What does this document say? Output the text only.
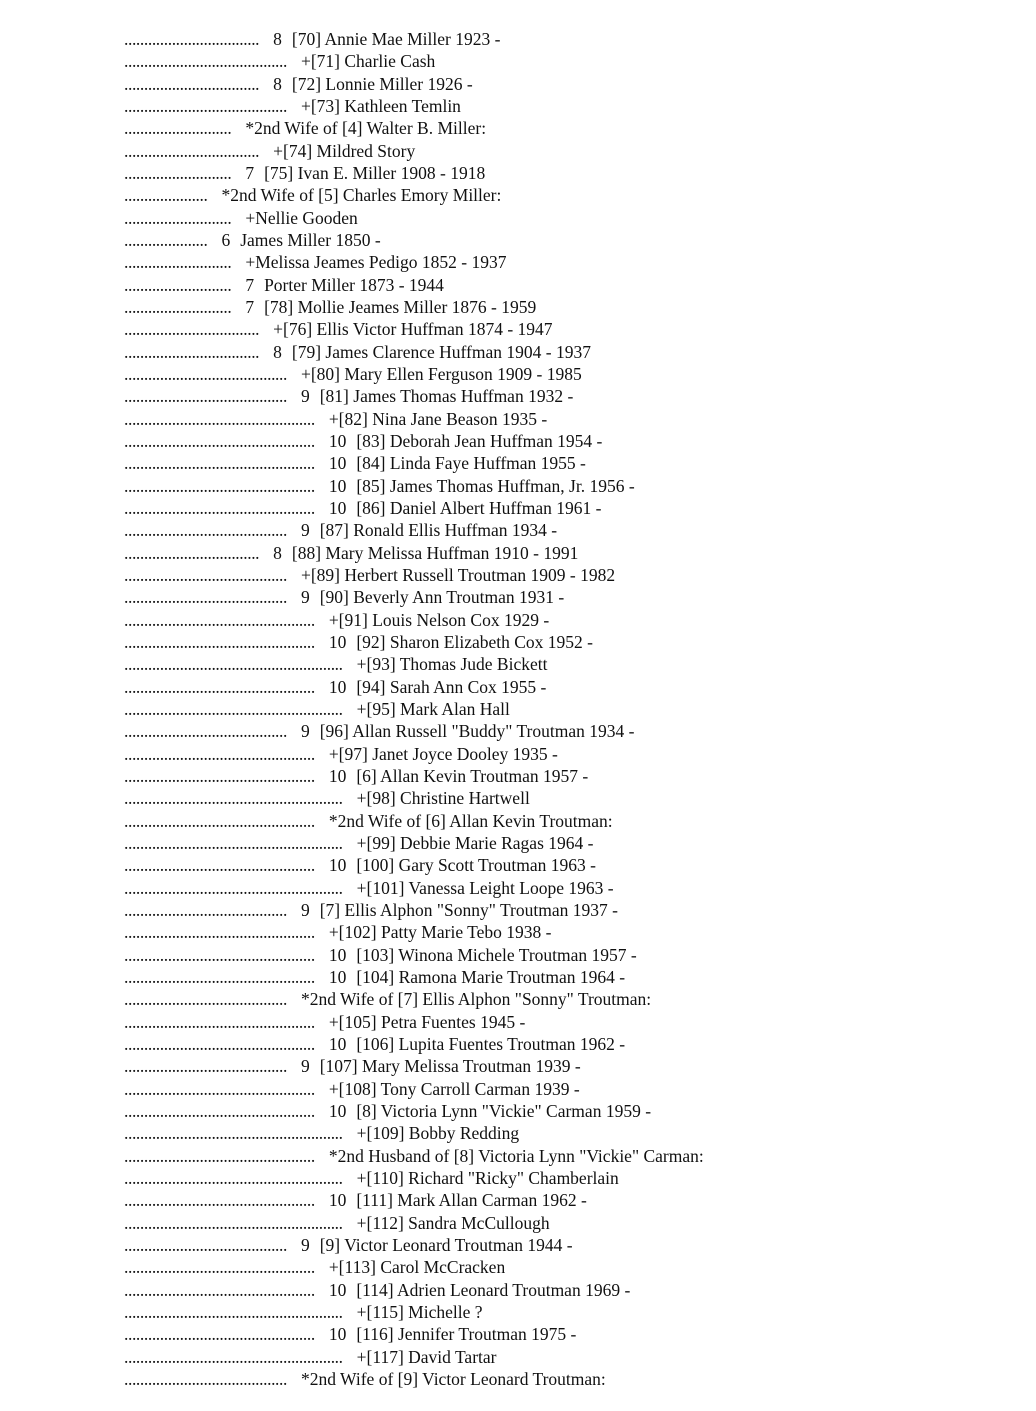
.................................. 8 [70] Annie Mae Miller 1923 -
......................................... +[71] Charlie Cash
.................................. 8 [72] Lonnie Miller 1926 -
......................................... +[73] Kathleen Temlin
........................... *2nd Wife of [4] Walter B. Miller:
.................................. +[74] Mildred Story
........................... 7 [75] Ivan E. Miller 1908 - 1918
..................... *2nd Wife of [5] Charles Emory Miller:
........................... +Nellie Gooden
..................... 6 James Miller 1850 -
........................... +Melissa Jeames Pedigo 1852 - 1937
........................... 7 Porter Miller 1873 - 1944
........................... 7 [78] Mollie Jeames Miller 1876 - 1959
.................................. +[76] Ellis Victor Huffman 1874 - 1947
.................................. 8 [79] James Clarence Huffman 1904 - 1937
......................................... +[80] Mary Ellen Ferguson 1909 - 1985
......................................... 9 [81] James Thomas Huffman 1932 -
................................................ +[82] Nina Jane Beason 1935 -
................................................ 10 [83] Deborah Jean Huffman 1954 -
................................................ 10 [84] Linda Faye Huffman 1955 -
................................................ 10 [85] James Thomas Huffman, Jr. 1956 -
................................................ 10 [86] Daniel Albert Huffman 1961 -
......................................... 9 [87] Ronald Ellis Huffman 1934 -
.................................. 8 [88] Mary Melissa Huffman 1910 - 1991
......................................... +[89] Herbert Russell Troutman 1909 - 1982
......................................... 9 [90] Beverly Ann Troutman 1931 -
................................................ +[91] Louis Nelson Cox 1929 -
................................................ 10 [92] Sharon Elizabeth Cox 1952 -
....................................................... +[93] Thomas Jude Bickett
................................................ 10 [94] Sarah Ann Cox 1955 -
....................................................... +[95] Mark Alan Hall
......................................... 9 [96] Allan Russell "Buddy" Troutman 1934 -
................................................ +[97] Janet Joyce Dooley 1935 -
................................................ 10 [6] Allan Kevin Troutman 1957 -
....................................................... +[98] Christine Hartwell
................................................ *2nd Wife of [6] Allan Kevin Troutman:
....................................................... +[99] Debbie Marie Ragas 1964 -
................................................ 10 [100] Gary Scott Troutman 1963 -
....................................................... +[101] Vanessa Leight Loope 1963 -
......................................... 9 [7] Ellis Alphon "Sonny" Troutman 1937 -
................................................ +[102] Patty Marie Tebo 1938 -
................................................ 10 [103] Winona Michele Troutman 1957 -
................................................ 10 [104] Ramona Marie Troutman 1964 -
......................................... *2nd Wife of [7] Ellis Alphon "Sonny" Troutman:
................................................ +[105] Petra Fuentes 1945 -
................................................ 10 [106] Lupita Fuentes Troutman 1962 -
......................................... 9 [107] Mary Melissa Troutman 1939 -
................................................ +[108] Tony Carroll Carman 1939 -
................................................ 10 [8] Victoria Lynn "Vickie" Carman 1959 -
....................................................... +[109] Bobby Redding
................................................ *2nd Husband of [8] Victoria Lynn "Vickie" Carman:
....................................................... +[110] Richard "Ricky" Chamberlain
................................................ 10 [111] Mark Allan Carman 1962 -
....................................................... +[112] Sandra McCullough
......................................... 9 [9] Victor Leonard Troutman 1944 -
................................................ +[113] Carol McCracken
................................................ 10 [114] Adrien Leonard Troutman 1969 -
....................................................... +[115] Michelle ?
................................................ 10 [116] Jennifer Troutman 1975 -
....................................................... +[117] David Tartar
......................................... *2nd Wife of [9] Victor Leonard Troutman:
